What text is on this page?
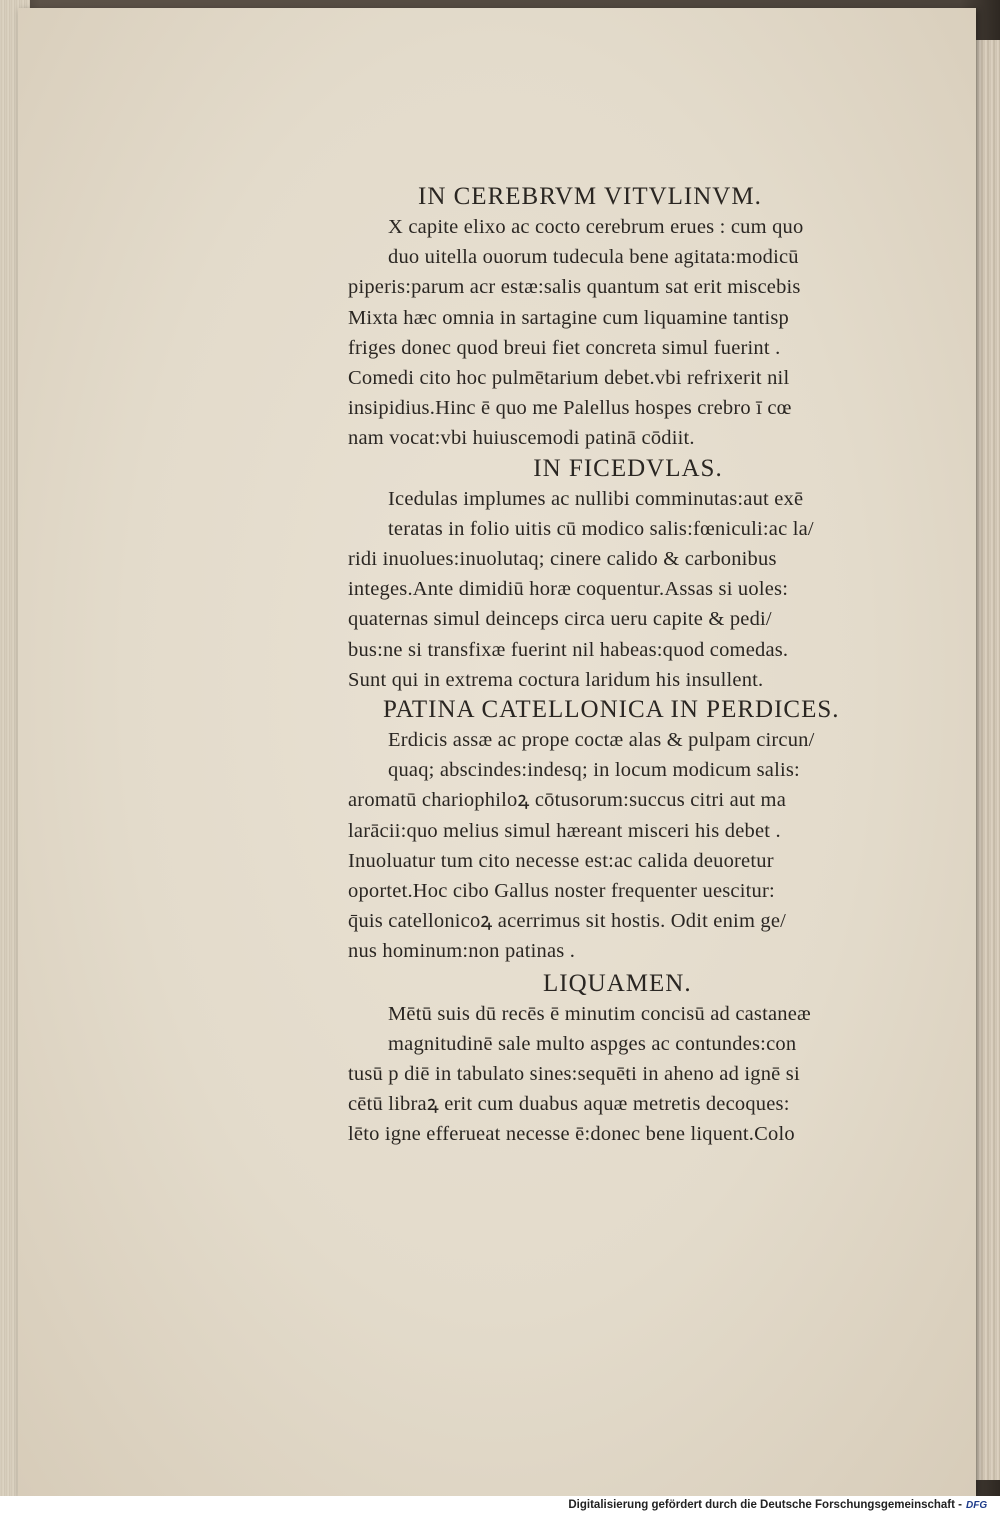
IN CEREBRVM VITVLINVM.
X capite elixo ac cocto cerebrum erues : cum quo
duo uitella ouorum tudecula bene agitata:modicū
piperis:parum acr estæ:salis quantum sat erit miscebis
Mixta hæc omnia in sartagine cum liquamine tantisp
friges donec quod breui fiet concreta simul fuerint .
Comedi cito hoc pulmētarium debet.vbi refrixerit nil
insipidius.Hinc ē quo me Palellus hospes crebro ī cœ
nam vocat:vbi huiuscemodi patinā cōdiit.
IN FICEDVLAS.
Icedulas implumes ac nullibi comminutas:aut exē
teratas in folio uitis cū modico salis:fœniculi:ac la/
ridi inuolues:inuolutaq; cinere calido & carbonibus
integes.Ante dimidiū horæ coquentur.Assas si uoles:
quaternas simul deinceps circa ueru capite & pedi/
bus:ne si transfixæ fuerint nil habeas:quod comedas.
Sunt qui in extrema coctura laridum his insullent.
PATINA CATELLONICA IN PERDICES.
Erdicis assæ ac prope coctæ alas & pulpam circun/
quaq; abscindes:indesq; in locum modicum salis:
aromatū chariophiloꝝ cōtusorum:succus citri aut ma
larācii:quo melius simul hæreant misceri his debet .
Inuoluatur tum cito necesse est:ac calida deuoretur
oportet.Hoc cibo Gallus noster frequenter uescitur:
q̄uis catellonicoꝝ acerrimus sit hostis. Odit enim ge/
nus hominum:non patinas .
LIQUAMEN.
Mētū suis dū recēs ē minutim concisū ad castaneæ
magnitudinē sale multo aspges ac contundes:con
tusū p diē in tabulato sines:sequēti in aheno ad ignē si
cētū libraꝝ erit cum duabus aquæ metretis decoques:
lēto igne efferueat necesse ē:donec bene liquent.Colo
Digitalisierung gefördert durch die Deutsche Forschungsgemeinschaft - DFG
